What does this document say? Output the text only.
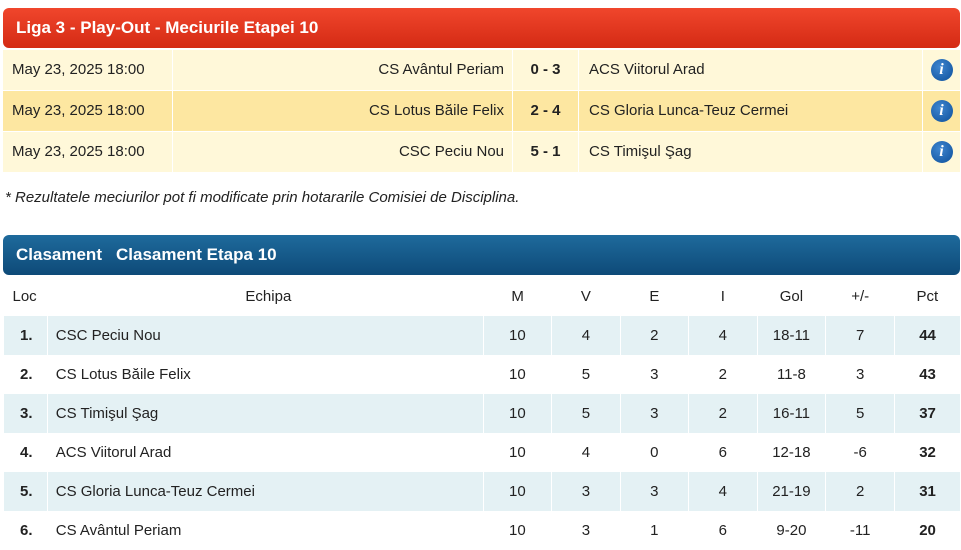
Liga 3 - Play-Out - Meciurile Etapei 10
May 23, 2025 18:00	CS Avântul Periam	0 - 3	ACS Viitorul Arad	i
May 23, 2025 18:00	CS Lotus Băile Felix	2 - 4	CS Gloria Lunca-Teuz Cermei	i
May 23, 2025 18:00	CSC Peciu Nou	5 - 1	CS Timişul Şag	i
* Rezultatele meciurilor pot fi modificate prin hotararile Comisiei de Disciplina.
Clasament Clasament Etapa 10
Loc	Echipa	M	V	E	I	Gol	+/-	Pct
1.	CSC Peciu Nou	10	4	2	4	18-11	7	44
2.	CS Lotus Băile Felix	10	5	3	2	11-8	3	43
3.	CS Timişul Şag	10	5	3	2	16-11	5	37
4.	ACS Viitorul Arad	10	4	0	6	12-18	-6	32
5.	CS Gloria Lunca-Teuz Cermei	10	3	3	4	21-19	2	31
6.	CS Avântul Periam	10	3	1	6	9-20	-11	20
